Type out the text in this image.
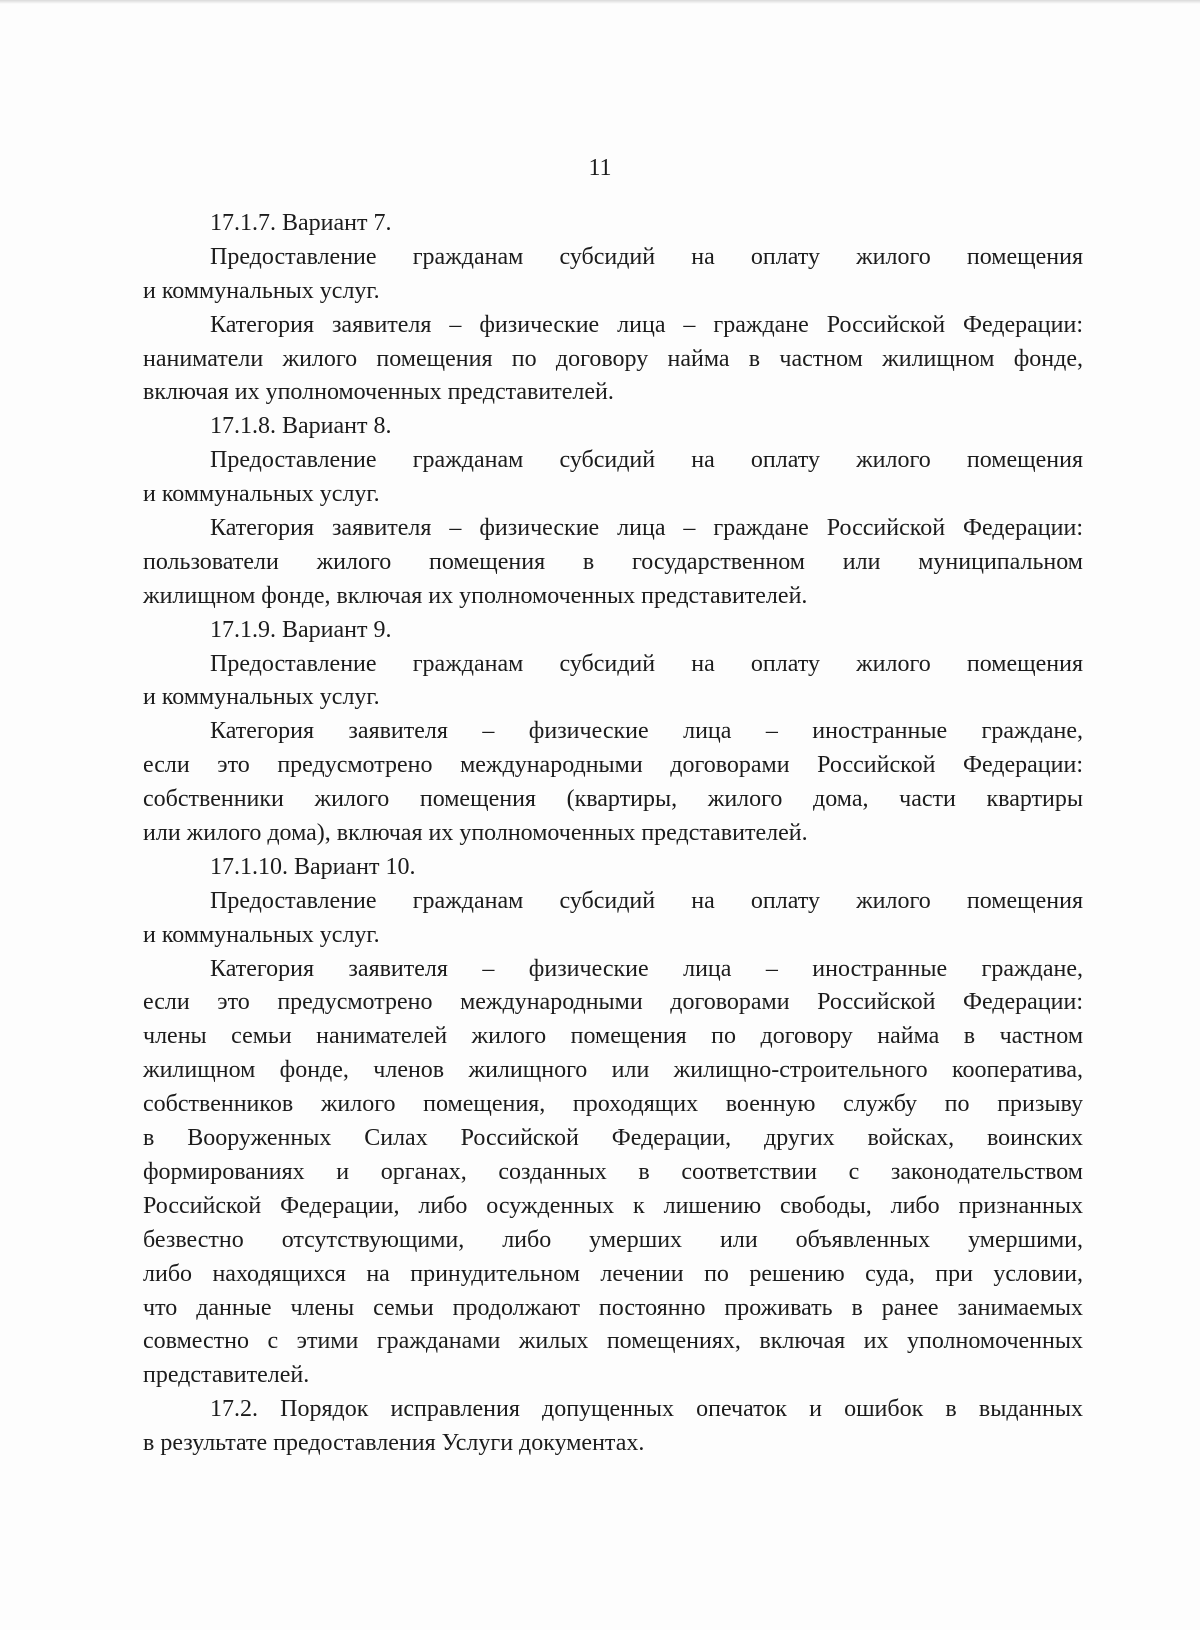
11
17.1.7. Вариант 7.
Предоставление гражданам субсидий на оплату жилого помещения
и коммунальных услуг.
Категория заявителя – физические лица – граждане Российской Федерации:
наниматели жилого помещения по договору найма в частном жилищном фонде,
включая их уполномоченных представителей.
17.1.8. Вариант 8.
Предоставление гражданам субсидий на оплату жилого помещения
и коммунальных услуг.
Категория заявителя – физические лица – граждане Российской Федерации:
пользователи жилого помещения в государственном или муниципальном
жилищном фонде, включая их уполномоченных представителей.
17.1.9. Вариант 9.
Предоставление гражданам субсидий на оплату жилого помещения
и коммунальных услуг.
Категория заявителя – физические лица – иностранные граждане,
если это предусмотрено международными договорами Российской Федерации:
собственники жилого помещения (квартиры, жилого дома, части квартиры
или жилого дома), включая их уполномоченных представителей.
17.1.10. Вариант 10.
Предоставление гражданам субсидий на оплату жилого помещения
и коммунальных услуг.
Категория заявителя – физические лица – иностранные граждане,
если это предусмотрено международными договорами Российской Федерации:
члены семьи нанимателей жилого помещения по договору найма в частном
жилищном фонде, членов жилищного или жилищно-строительного кооператива,
собственников жилого помещения, проходящих военную службу по призыву
в Вооруженных Силах Российской Федерации, других войсках, воинских
формированиях и органах, созданных в соответствии с законодательством
Российской Федерации, либо осужденных к лишению свободы, либо признанных
безвестно отсутствующими, либо умерших или объявленных умершими,
либо находящихся на принудительном лечении по решению суда, при условии,
что данные члены семьи продолжают постоянно проживать в ранее занимаемых
совместно с этими гражданами жилых помещениях, включая их уполномоченных
представителей.
17.2. Порядок исправления допущенных опечаток и ошибок в выданных
в результате предоставления Услуги документах.
